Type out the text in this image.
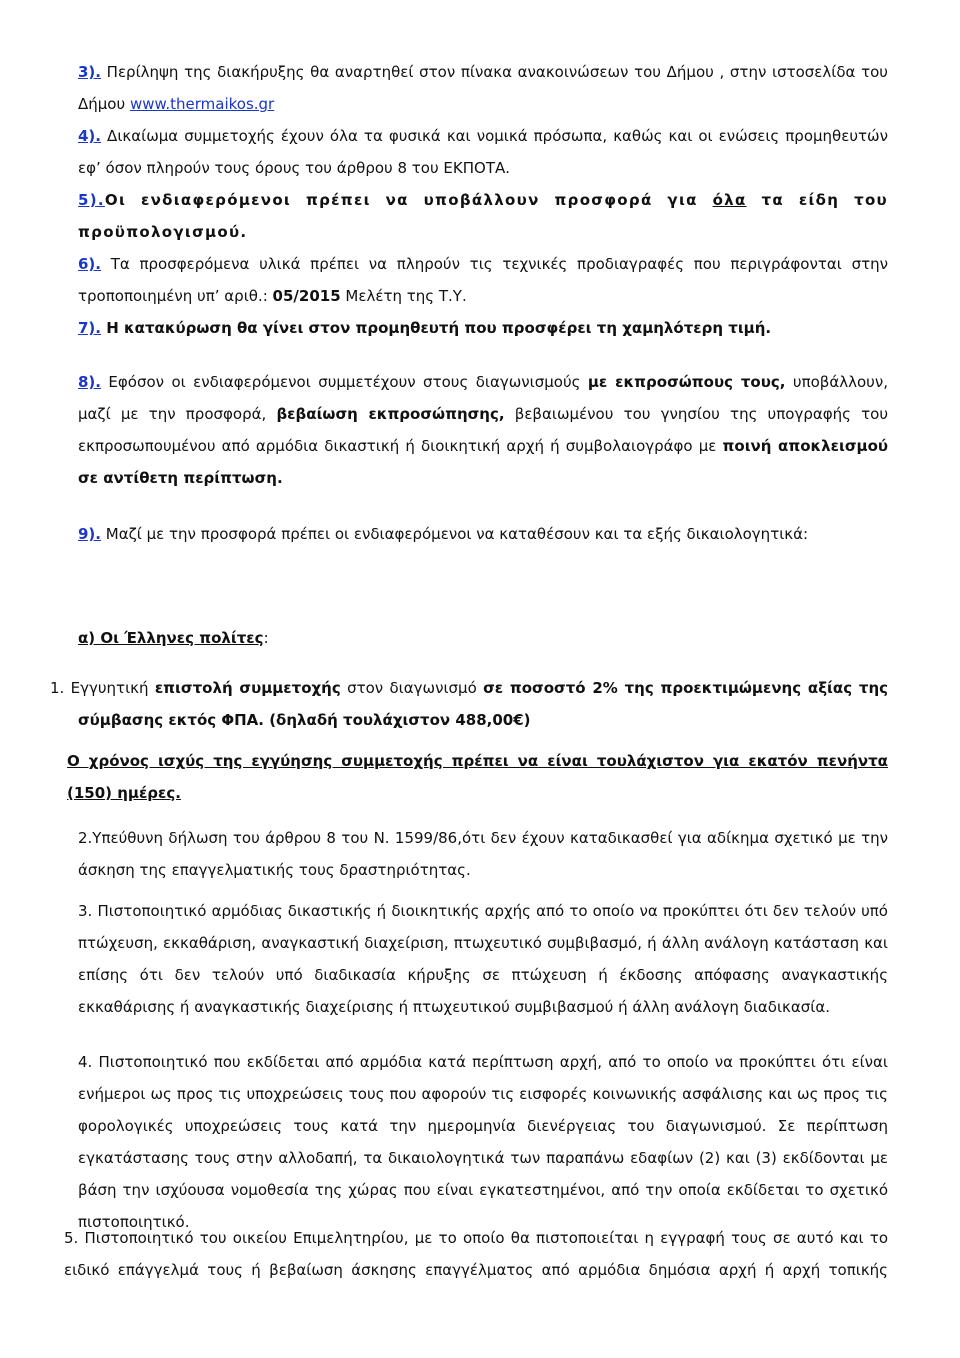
3). Περίληψη της διακήρυξης θα αναρτηθεί στον πίνακα ανακοινώσεων του Δήμου , στην ιστοσελίδα του Δήμου www.thermaikos.gr

4). Δικαίωμα συμμετοχής έχουν όλα τα φυσικά και νομικά πρόσωπα, καθώς και οι ενώσεις προμηθευτών εφ’ όσον πληρούν τους όρους του άρθρου 8 του ΕΚΠΟΤΑ.

5).Οι ενδιαφερόμενοι πρέπει να υποβάλλουν προσφορά για όλα τα είδη του προϋπολογισμού.

6). Τα προσφερόμενα υλικά πρέπει να πληρούν τις τεχνικές προδιαγραφές που περιγράφονται στην τροποποιημένη υπ’ αριθ.: 05/2015 Μελέτη της Τ.Υ.

7). Η κατακύρωση θα γίνει στον προμηθευτή που προσφέρει τη χαμηλότερη τιμή.

8). Εφόσον οι ενδιαφερόμενοι συμμετέχουν στους διαγωνισμούς με εκπροσώπους τους, υποβάλλουν, μαζί με την προσφορά, βεβαίωση εκπροσώπησης, βεβαιωμένου του γνησίου της υπογραφής του εκπροσωπουμένου από αρμόδια δικαστική ή διοικητική αρχή ή συμβολαιογράφο με ποινή αποκλεισμού σε αντίθετη περίπτωση.

9). Μαζί με την προσφορά πρέπει οι ενδιαφερόμενοι να καταθέσουν και τα εξής δικαιολογητικά:

α) Οι Έλληνες πολίτες:

1. Εγγυητική επιστολή συμμετοχής στον διαγωνισμό σε ποσοστό 2% της προεκτιμώμενης αξίας της σύμβασης εκτός ΦΠΑ. (δηλαδή τουλάχιστον 488,00€)

Ο χρόνος ισχύς της εγγύησης συμμετοχής πρέπει να είναι τουλάχιστον για εκατόν πενήντα (150) ημέρες.

2.Υπεύθυνη δήλωση του άρθρου 8 του Ν. 1599/86,ότι δεν έχουν καταδικασθεί για αδίκημα σχετικό με την άσκηση της επαγγελματικής τους δραστηριότητας.

3. Πιστοποιητικό αρμόδιας δικαστικής ή διοικητικής αρχής από το οποίο να προκύπτει ότι δεν τελούν υπό πτώχευση, εκκαθάριση, αναγκαστική διαχείριση, πτωχευτικό συμβιβασμό, ή άλλη ανάλογη κατάσταση και επίσης ότι δεν τελούν υπό διαδικασία κήρυξης σε πτώχευση ή έκδοσης απόφασης αναγκαστικής εκκαθάρισης ή αναγκαστικής διαχείρισης ή πτωχευτικού συμβιβασμού ή άλλη ανάλογη διαδικασία.

4. Πιστοποιητικό που εκδίδεται από αρμόδια κατά περίπτωση αρχή, από το οποίο να προκύπτει ότι είναι ενήμεροι ως προς τις υποχρεώσεις τους που αφορούν τις εισφορές κοινωνικής ασφάλισης και ως προς τις φορολογικές υποχρεώσεις τους κατά την ημερομηνία διενέργειας του διαγωνισμού. Σε περίπτωση εγκατάστασης τους στην αλλοδαπή, τα δικαιολογητικά των παραπάνω εδαφίων (2) και (3) εκδίδονται με βάση την ισχύουσα νομοθεσία της χώρας που είναι εγκατεστημένοι, από την οποία εκδίδεται το σχετικό πιστοποιητικό.

5. Πιστοποιητικό του οικείου Επιμελητηρίου, με το οποίο θα πιστοποιείται η εγγραφή τους σε αυτό και το ειδικό επάγγελμά τους ή βεβαίωση άσκησης επαγγέλματος από αρμόδια δημόσια αρχή ή αρχή τοπικής
